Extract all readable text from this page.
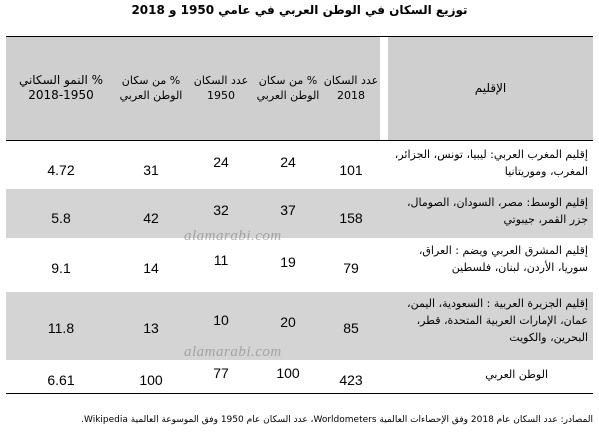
توزيع السكان في الوطن العربي في عامي 1950 و 2018
% النمو السكاني 1950-2018
% من سكان الوطن العربي
عدد السكان 1950
% من سكان الوطن العربي
عدد السكان 2018
الإقليم
إقليم المغرب العربي: ليبيا، تونس، الجزائر، المغرب، وموريتانيا
101
24
24
31
4.72
إقليم الوسط: مصر، السودان، الصومال، جزر القمر، جيبوتي
158
37
32
42
5.8
إقليم المشرق العربي ويضم : العراق، سوريا، الأردن، لبنان، فلسطين
79
19
11
14
9.1
إقليم الجزيرة العربية : السعودية، اليمن، عمان، الإمارات العربية المتحدة، قطر، البحرين، والكويت
85
20
10
13
11.8
الوطن العربي
423
100
77
100
6.61
alamarabi.com
alamarabi.com
المصادر: عدد السكان عام 2018 وفق الإحصاءات العالمية Worldometers، عدد السكان عام 1950 وفق الموسوعة العالمية Wikipedia.
